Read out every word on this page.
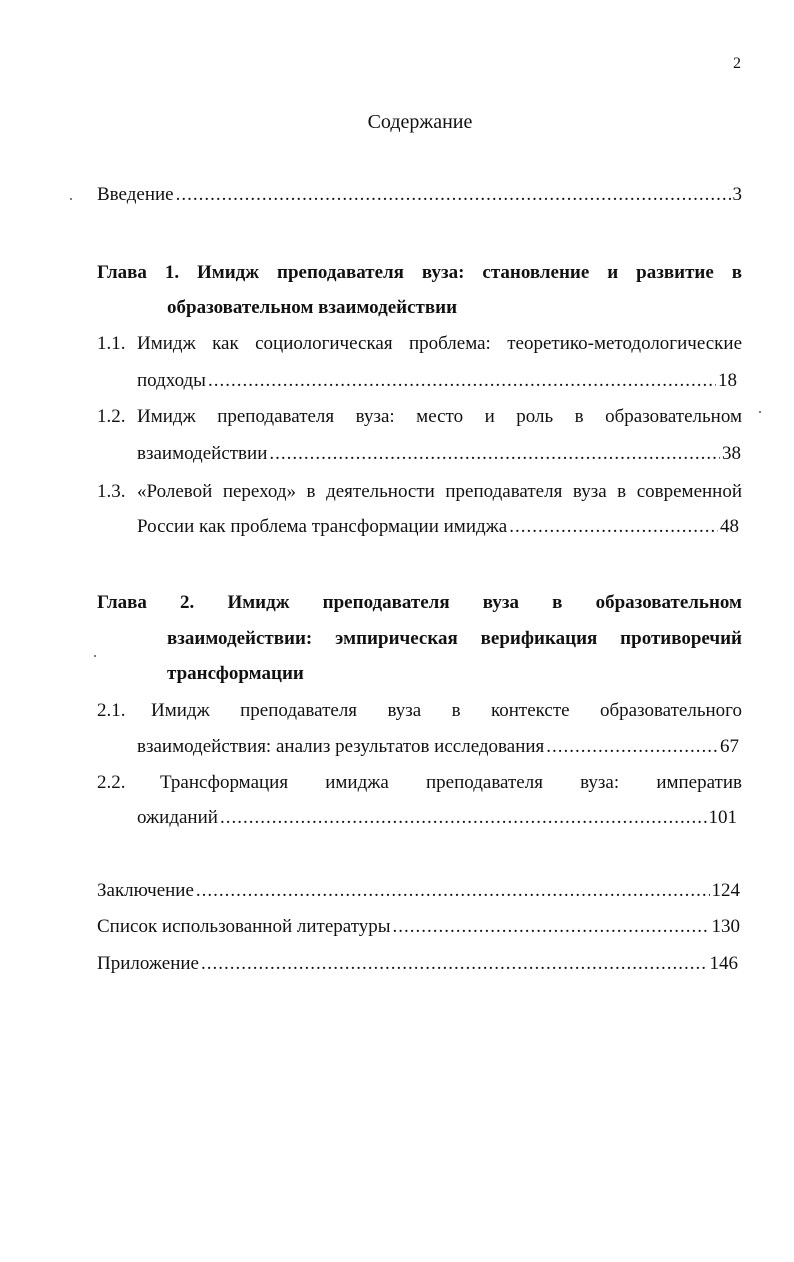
2
Содержание
Введение .....	3
Глава 1. Имидж преподавателя вуза: становление и развитие в
образовательном взаимодействии
1.1. Имидж как социологическая проблема: теоретико-методологические
подходы .....	18
1.2. Имидж преподавателя вуза: место и роль в образовательном
взаимодействии .....	38
1.3. «Ролевой переход» в деятельности преподавателя вуза в современной
России как проблема трансформации имиджа .....	48
Глава 2. Имидж преподавателя вуза в образовательном
взаимодействии: эмпирическая верификация противоречий
трансформации
2.1. Имидж преподавателя вуза в контексте образовательного
взаимодействия: анализ результатов исследования .....	67
2.2. Трансформация имиджа преподавателя вуза: императив
ожиданий .....	101
Заключение .....	124
Список использованной литературы .....	130
Приложение .....	146
